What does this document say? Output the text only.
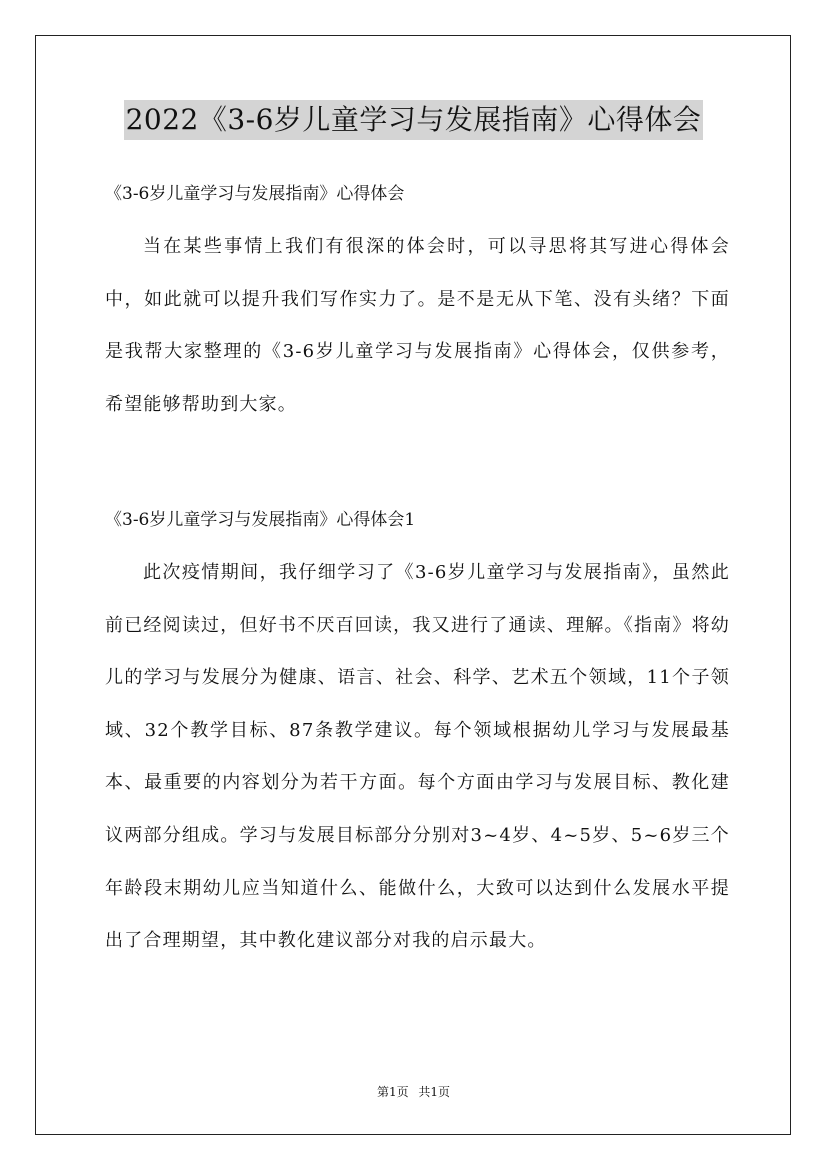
2022《3-6岁儿童学习与发展指南》心得体会
《3-6岁儿童学习与发展指南》心得体会
当在某些事情上我们有很深的体会时，可以寻思将其写进心得体会中，如此就可以提升我们写作实力了。是不是无从下笔、没有头绪？下面是我帮大家整理的《3-6岁儿童学习与发展指南》心得体会，仅供参考，希望能够帮助到大家。
《3-6岁儿童学习与发展指南》心得体会1
此次疫情期间，我仔细学习了《3-6岁儿童学习与发展指南》，虽然此前已经阅读过，但好书不厌百回读，我又进行了通读、理解。《指南》将幼儿的学习与发展分为健康、语言、社会、科学、艺术五个领域，11个子领域、32个教学目标、87条教学建议。每个领域根据幼儿学习与发展最基本、最重要的内容划分为若干方面。每个方面由学习与发展目标、教化建议两部分组成。学习与发展目标部分分别对3~4岁、4~5岁、5~6岁三个年龄段末期幼儿应当知道什么、能做什么，大致可以达到什么发展水平提出了合理期望，其中教化建议部分对我的启示最大。
第1页 共1页
